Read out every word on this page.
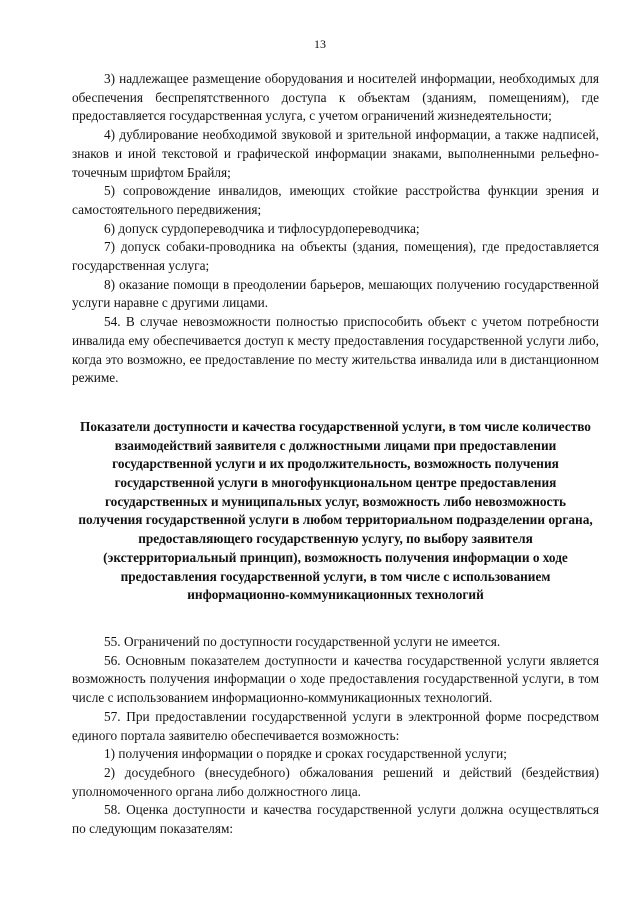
13

3) надлежащее размещение оборудования и носителей информации, необходимых для обеспечения беспрепятственного доступа к объектам (зданиям, помещениям), где предоставляется государственная услуга, с учетом ограничений жизнедеятельности;

4) дублирование необходимой звуковой и зрительной информации, а также надписей, знаков и иной текстовой и графической информации знаками, выполненными рельефно-точечным шрифтом Брайля;

5) сопровождение инвалидов, имеющих стойкие расстройства функции зрения и самостоятельного передвижения;

6) допуск сурдопереводчика и тифлосурдопереводчика;

7) допуск собаки-проводника на объекты (здания, помещения), где предоставляется государственная услуга;

8) оказание помощи в преодолении барьеров, мешающих получению государственной услуги наравне с другими лицами.

54. В случае невозможности полностью приспособить объект с учетом потребности инвалида ему обеспечивается доступ к месту предоставления государственной услуги либо, когда это возможно, ее предоставление по месту жительства инвалида или в дистанционном режиме.

Показатели доступности и качества государственной услуги, в том числе количество взаимодействий заявителя с должностными лицами при предоставлении государственной услуги и их продолжительность, возможность получения государственной услуги в многофункциональном центре предоставления государственных и муниципальных услуг, возможность либо невозможность получения государственной услуги в любом территориальном подразделении органа, предоставляющего государственную услугу, по выбору заявителя (экстерриториальный принцип), возможность получения информации о ходе предоставления государственной услуги, в том числе с использованием информационно-коммуникационных технологий

55. Ограничений по доступности государственной услуги не имеется.

56. Основным показателем доступности и качества государственной услуги является возможность получения информации о ходе предоставления государственной услуги, в том числе с использованием информационно-коммуникационных технологий.

57. При предоставлении государственной услуги в электронной форме посредством единого портала заявителю обеспечивается возможность:

1) получения информации о порядке и сроках государственной услуги;

2) досудебного (внесудебного) обжалования решений и действий (бездействия) уполномоченного органа либо должностного лица.

58. Оценка доступности и качества государственной услуги должна осуществляться по следующим показателям:
